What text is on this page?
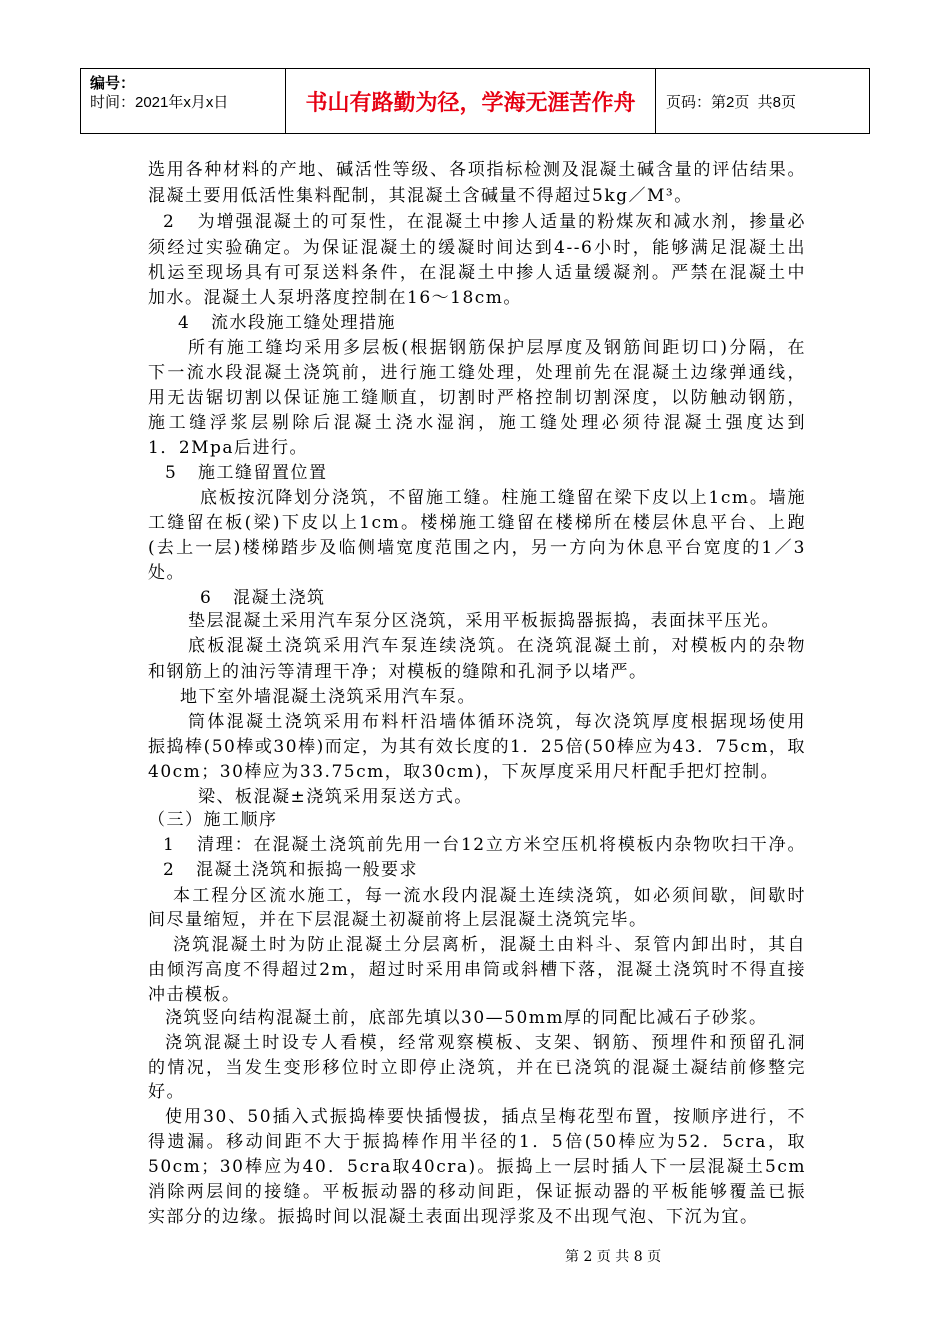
编号：
时间：2021年x月x日	书山有路勤为径，学海无涯苦作舟	页码：第2页  共8页
选用各种材料的产地、碱活性等级、各项指标检测及混凝土碱含量的评估结果。
混凝土要用低活性集料配制，其混凝土含碱量不得超过5kg／M³。
2   为增强混凝土的可泵性，在混凝土中掺人适量的粉煤灰和减水剂，掺量必
须经过实验确定。为保证混凝土的缓凝时间达到4--6小时，能够满足混凝土出
机运至现场具有可泵送料条件，在混凝土中掺人适量缓凝剂。严禁在混凝土中
加水。混凝土人泵坍落度控制在16～18cm。
4   流水段施工缝处理措施
所有施工缝均采用多层板(根据钢筋保护层厚度及钢筋间距切口)分隔，在
下一流水段混凝土浇筑前，进行施工缝处理，处理前先在混凝土边缘弹通线，
用无齿锯切割以保证施工缝顺直，切割时严格控制切割深度，以防触动钢筋，
施工缝浮浆层剔除后混凝土浇水湿润，施工缝处理必须待混凝土强度达到
1．2Mpa后进行。
5   施工缝留置位置
底板按沉降划分浇筑，不留施工缝。柱施工缝留在梁下皮以上1cm。墙施
工缝留在板(梁)下皮以上1cm。楼梯施工缝留在楼梯所在楼层休息平台、上跑
(去上一层)楼梯踏步及临侧墙宽度范围之内，另一方向为休息平台宽度的1／3
处。
6   混凝土浇筑
垫层混凝土采用汽车泵分区浇筑，采用平板振捣器振捣，表面抹平压光。
底板混凝土浇筑采用汽车泵连续浇筑。在浇筑混凝土前，对模板内的杂物
和钢筋上的油污等清理干净；对模板的缝隙和孔洞予以堵严。
地下室外墙混凝土浇筑采用汽车泵。
筒体混凝土浇筑采用布料杆沿墙体循环浇筑，每次浇筑厚度根据现场使用
振捣棒(50棒或30棒)而定，为其有效长度的1．25倍(50棒应为43．75cm，取
40cm；30棒应为33.75cm，取30cm)，下灰厚度采用尺杆配手把灯控制。
梁、板混凝±浇筑采用泵送方式。
（三）施工顺序
1   清理：在混凝土浇筑前先用一台12立方米空压机将模板内杂物吹扫干净。
2   混凝土浇筑和振捣一般要求
本工程分区流水施工，每一流水段内混凝土连续浇筑，如必须间歇，间歇时
间尽量缩短，并在下层混凝土初凝前将上层混凝土浇筑完毕。
浇筑混凝土时为防止混凝土分层离析，混凝土由料斗、泵管内卸出时，其自
由倾泻高度不得超过2m，超过时采用串筒或斜槽下落，混凝土浇筑时不得直接
冲击模板。
浇筑竖向结构混凝土前，底部先填以30—50mm厚的同配比减石子砂浆。
浇筑混凝土时设专人看模，经常观察模板、支架、钢筋、预埋件和预留孔洞
的情况，当发生变形移位时立即停止浇筑，并在已浇筑的混凝土凝结前修整完
好。
使用30、50插入式振捣棒要快插慢拔，插点呈梅花型布置，按顺序进行，不
得遗漏。移动间距不大于振捣棒作用半径的1．5倍(50棒应为52．5cra，取
50cm；30棒应为40．5cra取40cra)。振捣上一层时插人下一层混凝土5cm
消除两层间的接缝。平板振动器的移动间距，保证振动器的平板能够覆盖已振
实部分的边缘。振捣时间以混凝土表面出现浮浆及不出现气泡、下沉为宜。
第 2 页 共 8 页
